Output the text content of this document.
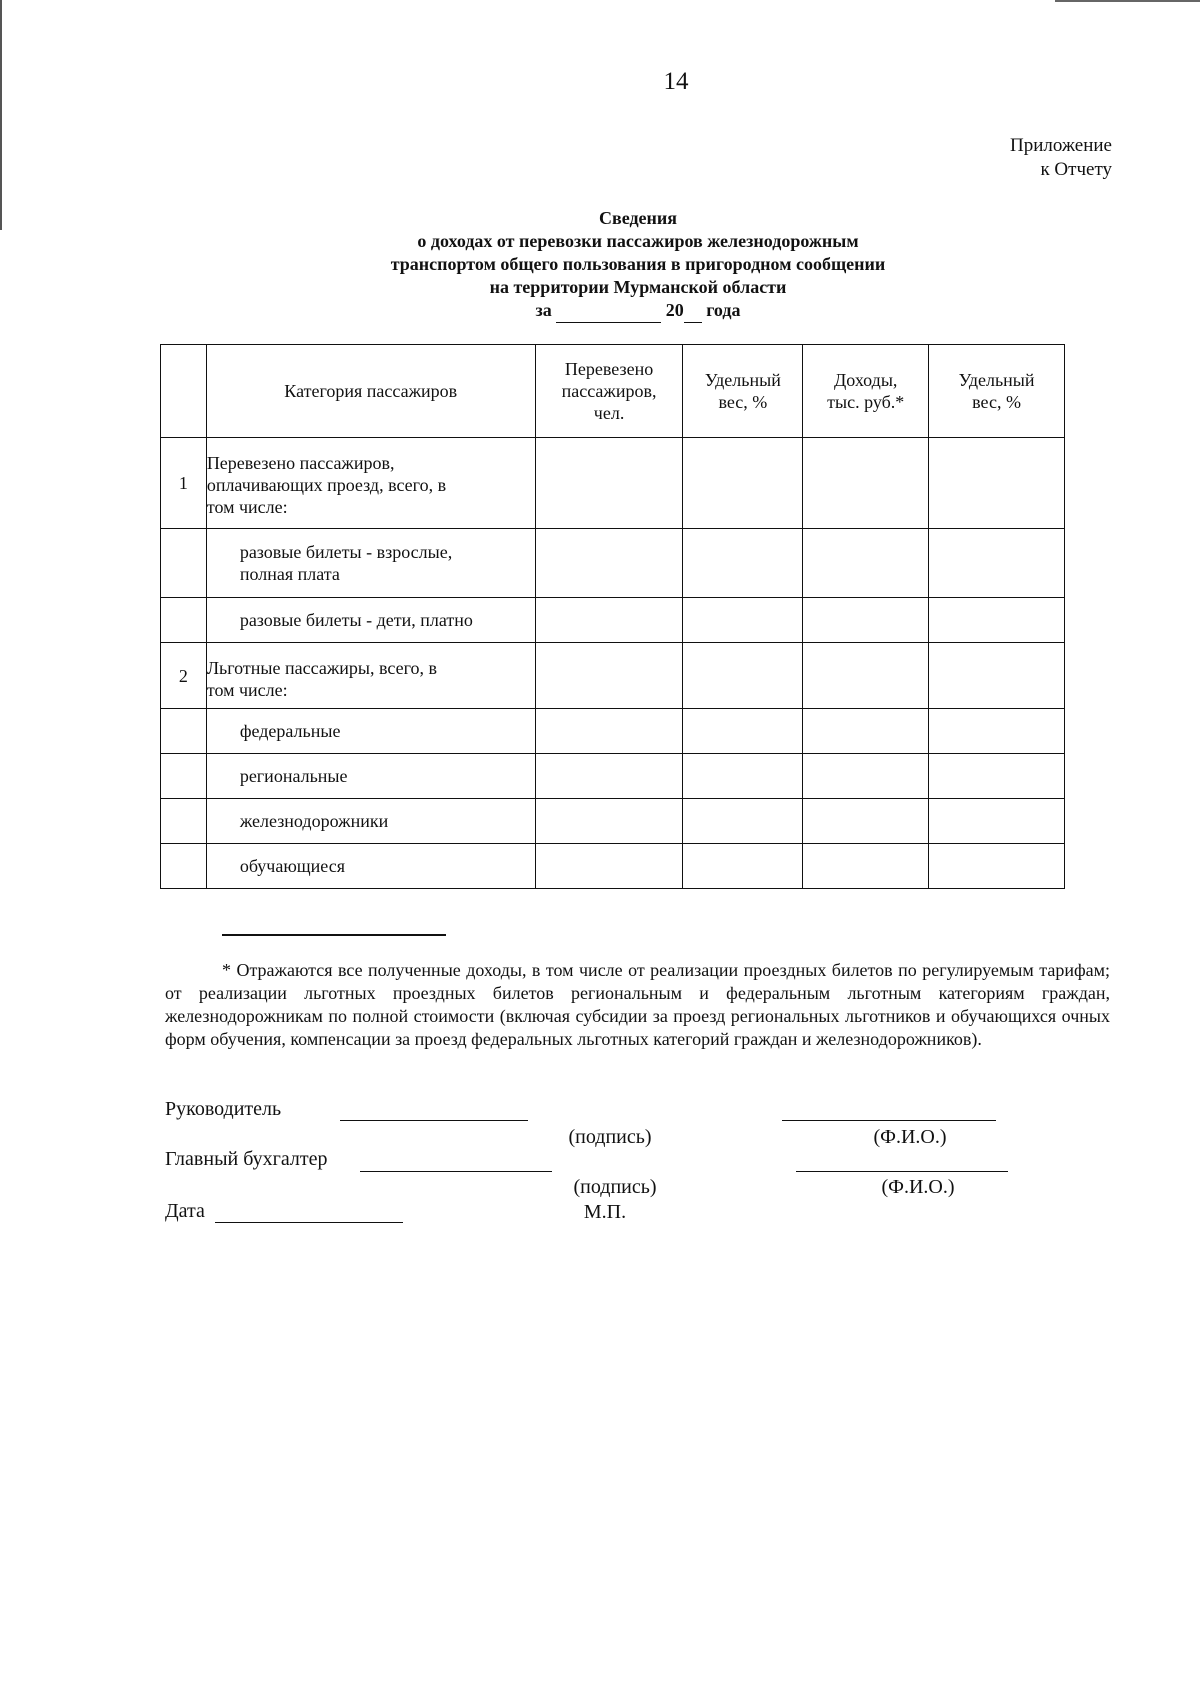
14
Приложение
к Отчету
Сведения
о доходах от перевозки пассажиров железнодорожным
транспортом общего пользования в пригородном сообщении
на территории Мурманской области
за	20 года
	Категория пассажиров	Перевезено пассажиров, чел.	Удельный вес, %	Доходы, тыс. руб.*	Удельный вес, %

1	Перевезено пассажиров, оплачивающих проезд, всего, в том числе:				

	разовые билеты - взрослые, полная плата				

	разовые билеты - дети, платно				
2	Льготные пассажиры, всего, в том числе:				

	федеральные				
	региональные				
	железнодорожники				
	обучающиеся				
* Отражаются все полученные доходы, в том числе от реализации проездных билетов по регулируемым тарифам; от реализации льготных проездных билетов региональным и федеральным льготным категориям граждан, железнодорожникам по полной стоимости (включая субсидии за проезд региональных льготников и обучающихся очных форм обучения, компенсации за проезд федеральных льготных категорий граждан и железнодорожников).
Руководитель
(подпись)	(Ф.И.О.)
Главный бухгалтер
(подпись)	(Ф.И.О.)
Дата	М.П.
